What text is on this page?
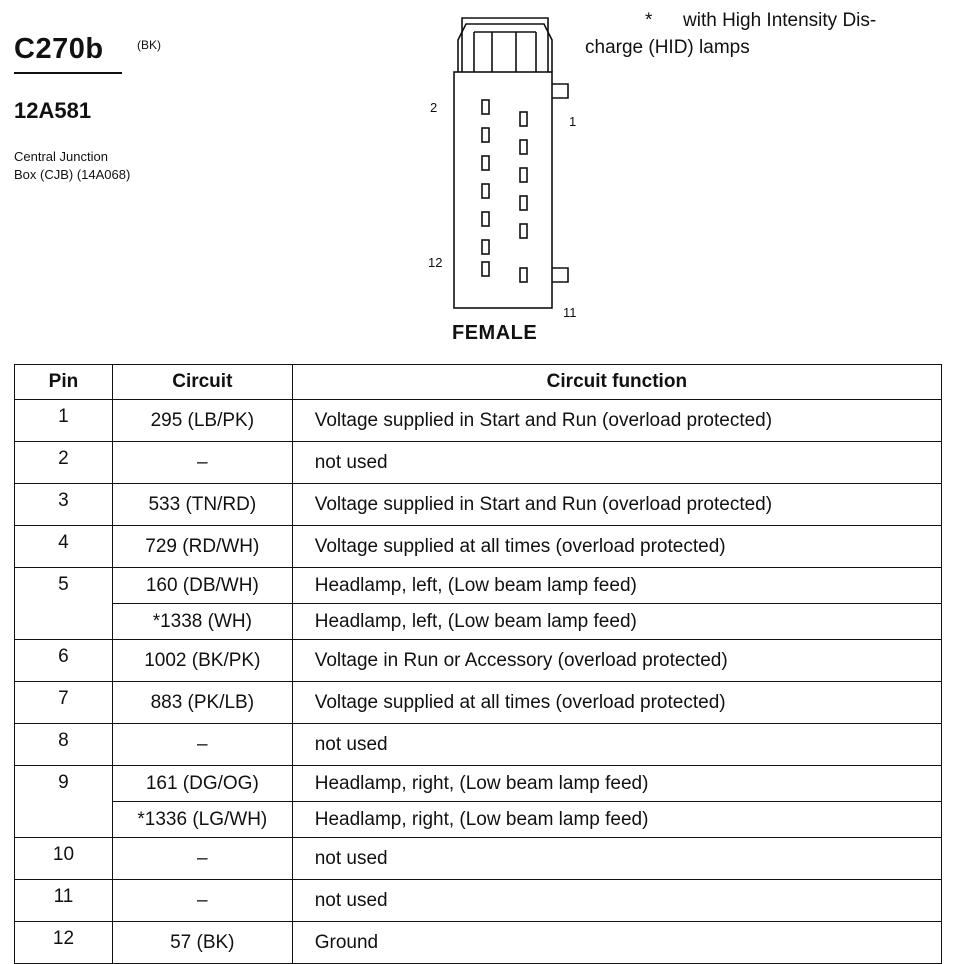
C270b	(BK)
12A581
Central Junction
Box (CJB) (14A068)
* with High Intensity Dis-
charge (HID) lamps
2
1
12
11
FEMALE
Pin	Circuit	Circuit function
1	295 (LB/PK)	Voltage supplied in Start and Run (overload protected)
2	–	not used
3	533 (TN/RD)	Voltage supplied in Start and Run (overload protected)
4	729 (RD/WH)	Voltage supplied at all times (overload protected)
5	160 (DB/WH)	Headlamp, left, (Low beam lamp feed)
	*1338 (WH)	Headlamp, left, (Low beam lamp feed)
6	1002 (BK/PK)	Voltage in Run or Accessory (overload protected)
7	883 (PK/LB)	Voltage supplied at all times (overload protected)
8	–	not used
9	161 (DG/OG)	Headlamp, right, (Low beam lamp feed)
	*1336 (LG/WH)	Headlamp, right, (Low beam lamp feed)
10	–	not used
11	–	not used
12	57 (BK)	Ground
